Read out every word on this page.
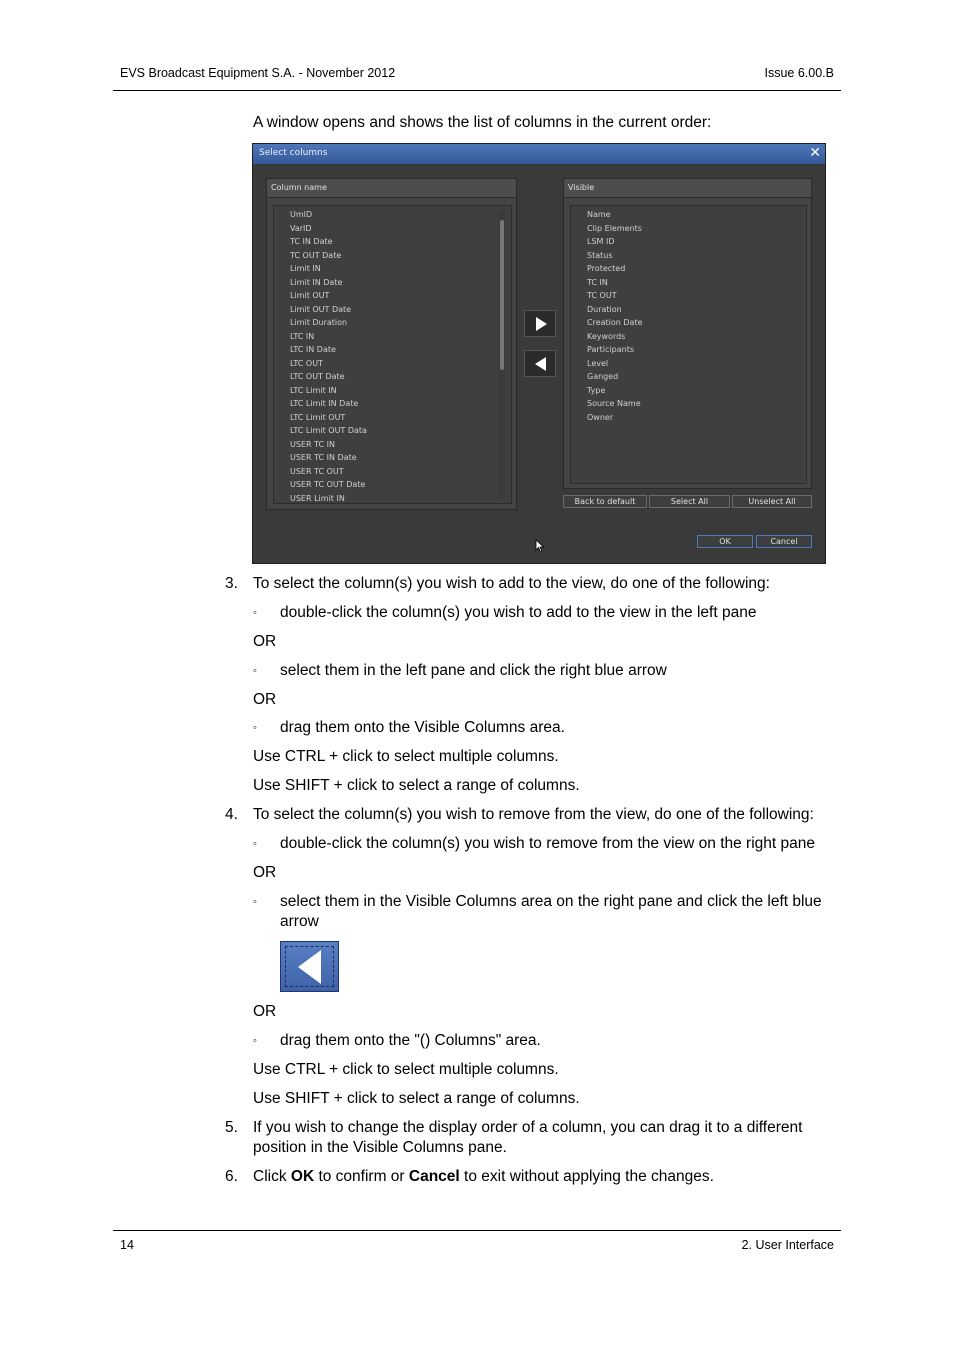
EVS Broadcast Equipment S.A. - November 2012	Issue 6.00.B
A window opens and shows the list of columns in the current order:
Select columns	✕
Column name
UmID
VarID
TC IN Date
TC OUT Date
Limit IN
Limit IN Date
Limit OUT
Limit OUT Date
Limit Duration
LTC IN
LTC IN Date
LTC OUT
LTC OUT Date
LTC Limit IN
LTC Limit IN Date
LTC Limit OUT
LTC Limit OUT Data
USER TC IN
USER TC IN Date
USER TC OUT
USER TC OUT Date
USER Limit IN
Visible
Name
Clip Elements
LSM ID
Status
Protected
TC IN
TC OUT
Duration
Creation Date
Keywords
Participants
Level
Ganged
Type
Source Name
Owner
Back to default	Select All	Unselect All
OK	Cancel
3. To select the column(s) you wish to add to the view, do one of the following:
◦ double-click the column(s) you wish to add to the view in the left pane
OR
◦ select them in the left pane and click the right blue arrow
OR
◦ drag them onto the Visible Columns area.
Use CTRL + click to select multiple columns.
Use SHIFT + click to select a range of columns.
4. To select the column(s) you wish to remove from the view, do one of the following:
◦ double-click the column(s) you wish to remove from the view on the right pane
OR
◦ select them in the Visible Columns area on the right pane and click the left blue arrow
OR
◦ drag them onto the "() Columns" area.
Use CTRL + click to select multiple columns.
Use SHIFT + click to select a range of columns.
5. If you wish to change the display order of a column, you can drag it to a different position in the Visible Columns pane.
6. Click OK to confirm or Cancel to exit without applying the changes.
14	2. User Interface
